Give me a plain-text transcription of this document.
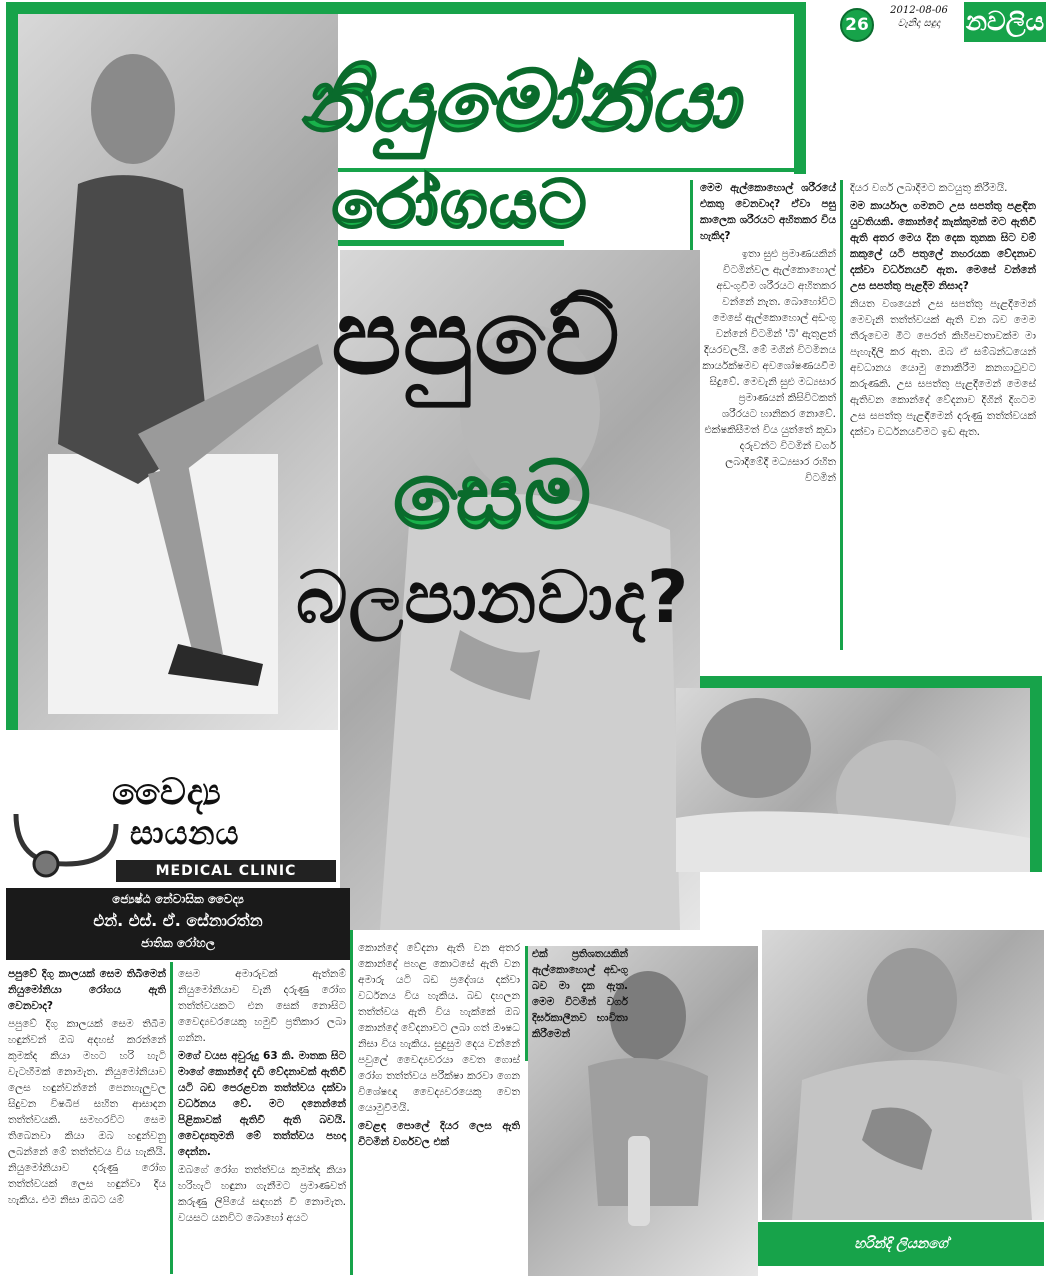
26
2012-08-06
වෑනිදා සඳුදා නවලිය
නියුමෝනියා
රෝගයට
පපුවේ
සෙම
බලපානවාද?
වෛද්‍ය
සායනය
MEDICAL CLINIC
ජ්‍යෙෂ්ඨ නේවාසික වෛද්‍ය
එන්. එස්. ඒ. සේනාරත්න
ජාතික රෝහල

පපුවේ දිගු කාලයක් සෙම තිබීමෙන් නියුමෝනියා රෝගය ඇති වෙනවාද?

පපුවේ දිගු කාලයක් සෙම තිබීම හඳුන්වන් ඔබ අදහස් කරන්නේ කුමක්ද කියා මහට හරි හැටි වැටහීමක් නොමැත. නියුමෝනියාව ලෙස හඳුන්වන්නේ පෙනහැලුවල සිදුවන විෂබීජ සහිත ආසාදන තත්ත්වයකි. සමහරවිට සෙම තිබෙනවා කියා ඔබ හඳුන්වනු ලබන්නේ මේ තත්ත්වය විය හැකියි. නියුමෝනියාව දරුණු රෝග තත්ත්වයක් ලෙස හඳුන්වා දිය හැකිය. එම නිසා ඔබට යම්

සෙම අමාරුවක් ඇත්නම් නියුමෝනියාව වැනි දරුණු රෝග තත්ත්වයකට එන සෙක් නොසිට වෛද්‍යවරයෙකු හමුවී ප්‍රතිකාර ලබා ගන්න.

මගේ වයස අවුරුදු 63 කි. මාතක සිට මාගේ කොන්දේ දැඩි වේදනාවක් ඇතිවී යටි බඩ පෙරළවන තත්ත්වය දක්වා වර්ධනය වේ. මට දනෙන්නේ පිළිකාවක් ඇතිවී ඇති බවයි. වෛද්‍යතුමනි මේ තත්ත්වය පහදා දෙන්න.

ඔබගේ රෝග තත්ත්වය කුමක්ද කියා හරිහැටි හඳුනා ගැනීමට ප්‍රමාණවත් කරුණු ලිපියේ සඳහන් වී නොමැත. වයසට යනවිට බොහෝ අයට

කොන්දේ වේදනා ඇති වන අතර කොන්දේ පහළ කොටසේ ඇති වන අමාරු යටි බඩ ප්‍රදේශය දක්වා වර්ධනය විය හැකිය. බඩ දහලන තත්ත්වය ඇති විය හැක්කේ ඔබ කොන්දේ වේදනාවට ලබා ගත් ඖෂධ නිසා විය හැකිය. සුදුසුම දෙය වන්නේ පවුලේ වෛද්‍යවරයා වෙත ගොස් රෝග තත්ත්වය පරීක්ෂා කරවා ගෙන විශේෂඥ වෛද්‍යවරයෙකු වෙත යොමුවීමයි.

වෙළඳ පොලේ දියර ලෙස ඇති විටමින් වර්ගවල එක්

එක් ප්‍රතිශතයකින් ඇල්කොහොල් අඩංගු බව මා දැක ඇත. මෙම විටමින් වර්ග දිර්ඝකාලීනව භාවිතා කිරීමෙන්

මෙම ඇල්කොහොල් ශරීරයේ එකතු වෙනවාද? ඒවා පසු කාලෙක ශරීරයට අහිතකර විය හැකිද?

ඉතා සුළු ප්‍රමාණයකින් විටමින්වල ඇල්කොහොල් අඩංගුවීම ශරීරයට අහිතකර වන්නේ නැත. බොහෝවිට මෙසේ ඇල්කොහොල් අඩංගු වන්නේ විටමින් 'බී' ඇතුළත් දියරවලයි. මේ මගින් විටමිනය කාර්යක්ෂමව අවශෝෂණයවීම සිදුවේ. මෙවැනි සුළු මධ්‍යසාර ප්‍රමාණයන් කිසිවිටකත් ශරීරයට හානිකර නොවේ. ළුක්ෂකිසීමත් විය යුත්තේ කුඩා දරුවන්ට විටමින් වර්ග ලබාදීමේදී මධ්‍යසාර රහිත විටමින්

දියර වර්ග ලබාදීමට කටයුතු කිරීමයි.

මම කාර්යාල ගමනට උස සපත්තු පළඳින යුවතියකි. කොන්දේ කැක්කුමක් මට ඇතිවී ඇති අතර මෙය දින දෙක තුනක සිට වම් කකුලේ යටි පතුලේ නහරයක වේදනාව දක්වා වර්ධනයවී ඇත. මෙසේ වන්නේ උස සපත්තු පැළදීම නිසාද?

නියත වශයෙන් උස සපත්තු පැළදීමෙන් මෙවැනි තත්ත්වයක් ඇති වන බව මෙම තීරුවෙම මීට පෙරත් කිහිපවතාවක්ම මා පැහැදිලි කර ඇත. ඔබ ඒ සම්බන්ධයෙන් අවධානය යොමු නොකිරීම කනගාටුවට කරුණකි. උස සපත්තු පැළදීමෙන් මෙසේ ඇතිවන කොන්දේ වේදනාව දිගින් දිගටම උස සපත්තු පැළඳීමෙන් දරුණු තත්ත්වයක් දක්වා වර්ධනයවීමට ඉඩ ඇත.

හරින්දි ලියනගේ
